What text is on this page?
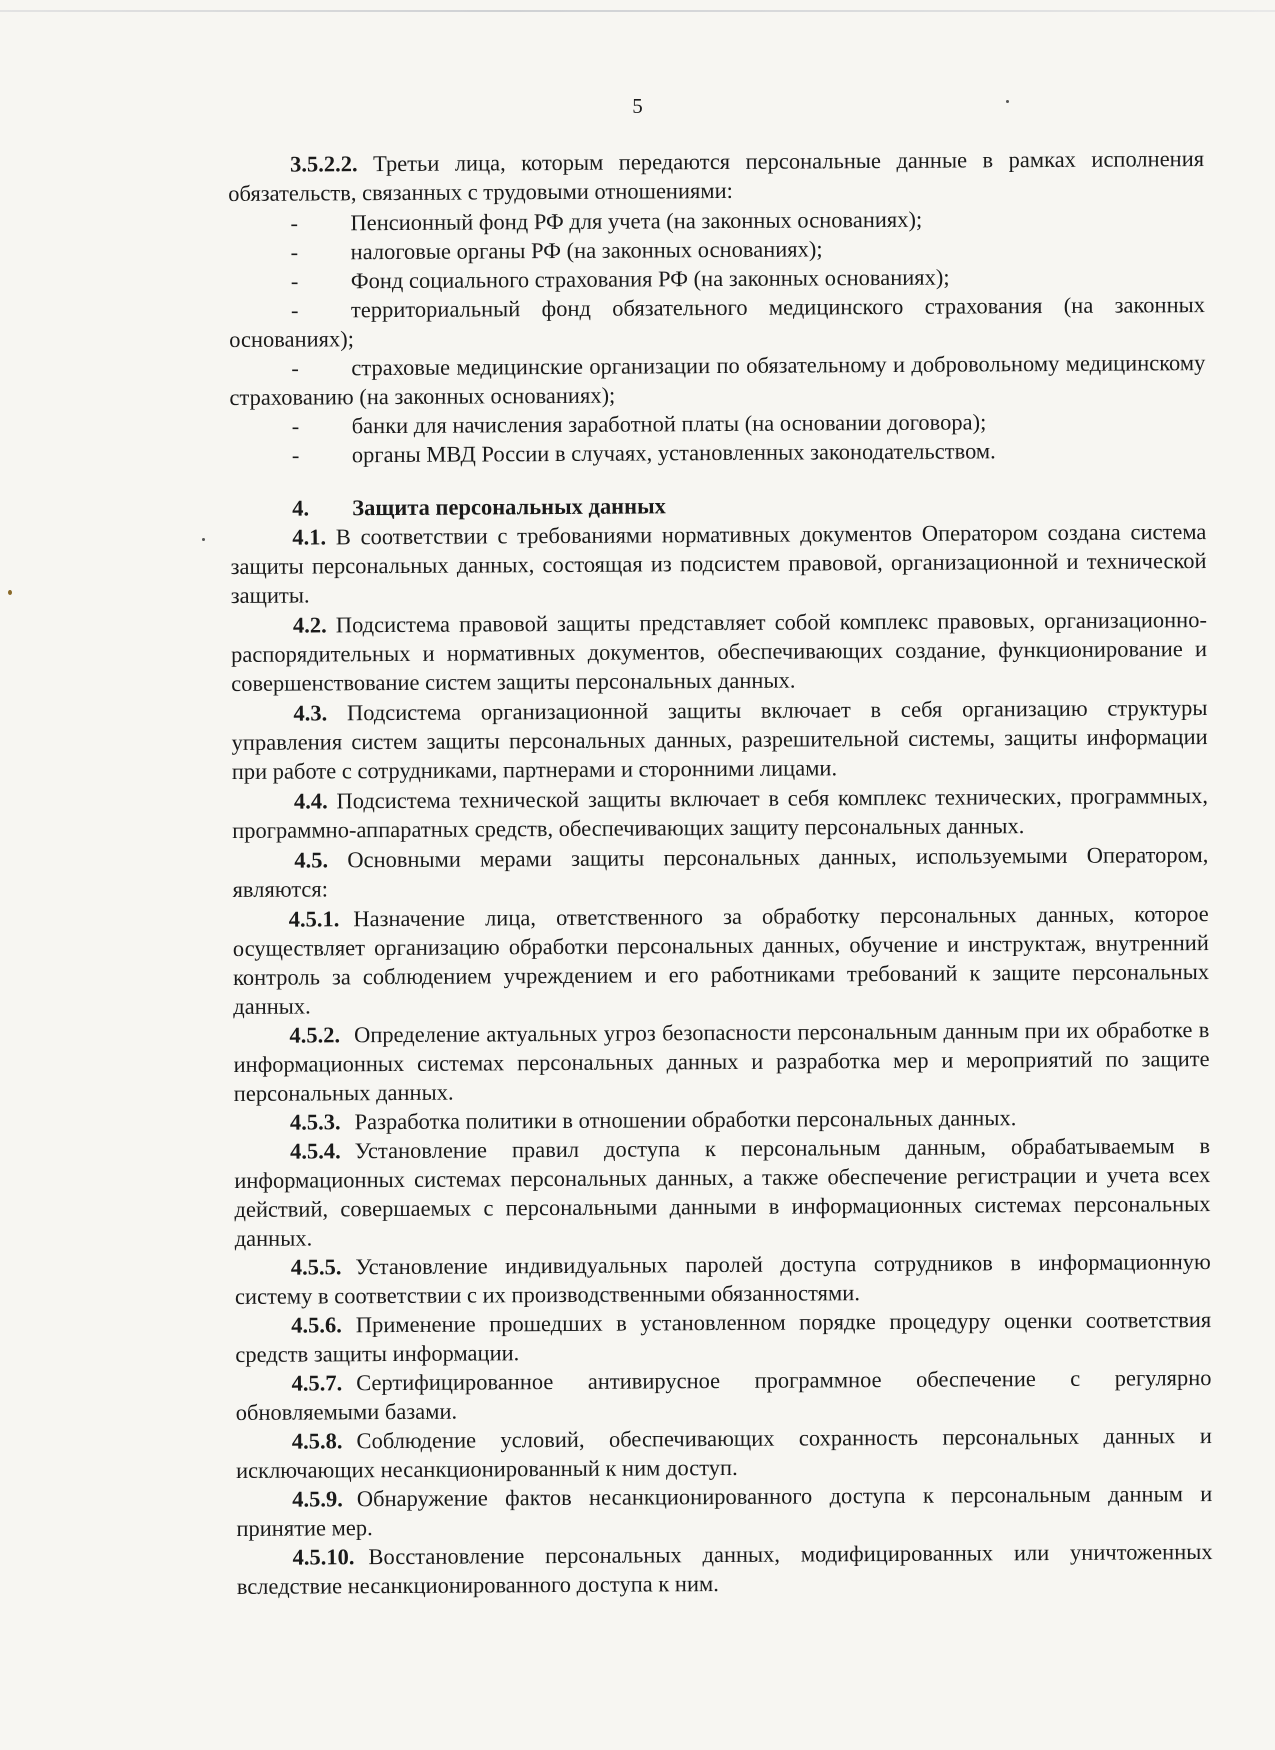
5

3.5.2.2. Третьи лица, которым передаются персональные данные в рамках исполнения обязательств, связанных с трудовыми отношениями:

- Пенсионный фонд РФ для учета (на законных основаниях);

- налоговые органы РФ (на законных основаниях);

- Фонд социального страхования РФ (на законных основаниях);

- территориальный фонд обязательного медицинского страхования (на законных основаниях);

- страховые медицинские организации по обязательному и добровольному медицинскому страхованию (на законных основаниях);

- банки для начисления заработной платы (на основании договора);

- органы МВД России в случаях, установленных законодательством.

4. Защита персональных данных

4.1. В соответствии с требованиями нормативных документов Оператором создана система защиты персональных данных, состоящая из подсистем правовой, организационной и технической защиты.

4.2. Подсистема правовой защиты представляет собой комплекс правовых, организационно-распорядительных и нормативных документов, обеспечивающих создание, функционирование и совершенствование систем защиты персональных данных.

4.3. Подсистема организационной защиты включает в себя организацию структуры управления систем защиты персональных данных, разрешительной системы, защиты информации при работе с сотрудниками, партнерами и сторонними лицами.

4.4. Подсистема технической защиты включает в себя комплекс технических, программных, программно-аппаратных средств, обеспечивающих защиту персональных данных.

4.5. Основными мерами защиты персональных данных, используемыми Оператором, являются:

4.5.1. Назначение лица, ответственного за обработку персональных данных, которое осуществляет организацию обработки персональных данных, обучение и инструктаж, внутренний контроль за соблюдением учреждением и его работниками требований к защите персональных данных.

4.5.2. Определение актуальных угроз безопасности персональным данным при их обработке в информационных системах персональных данных и разработка мер и мероприятий по защите персональных данных.

4.5.3. Разработка политики в отношении обработки персональных данных.

4.5.4. Установление правил доступа к персональным данным, обрабатываемым в информационных системах персональных данных, а также обеспечение регистрации и учета всех действий, совершаемых с персональными данными в информационных системах персональных данных.

4.5.5. Установление индивидуальных паролей доступа сотрудников в информационную систему в соответствии с их производственными обязанностями.

4.5.6. Применение прошедших в установленном порядке процедуру оценки соответствия средств защиты информации.

4.5.7. Сертифицированное антивирусное программное обеспечение с регулярно обновляемыми базами.

4.5.8. Соблюдение условий, обеспечивающих сохранность персональных данных и исключающих несанкционированный к ним доступ.

4.5.9. Обнаружение фактов несанкционированного доступа к персональным данным и принятие мер.

4.5.10. Восстановление персональных данных, модифицированных или уничтоженных вследствие несанкционированного доступа к ним.
